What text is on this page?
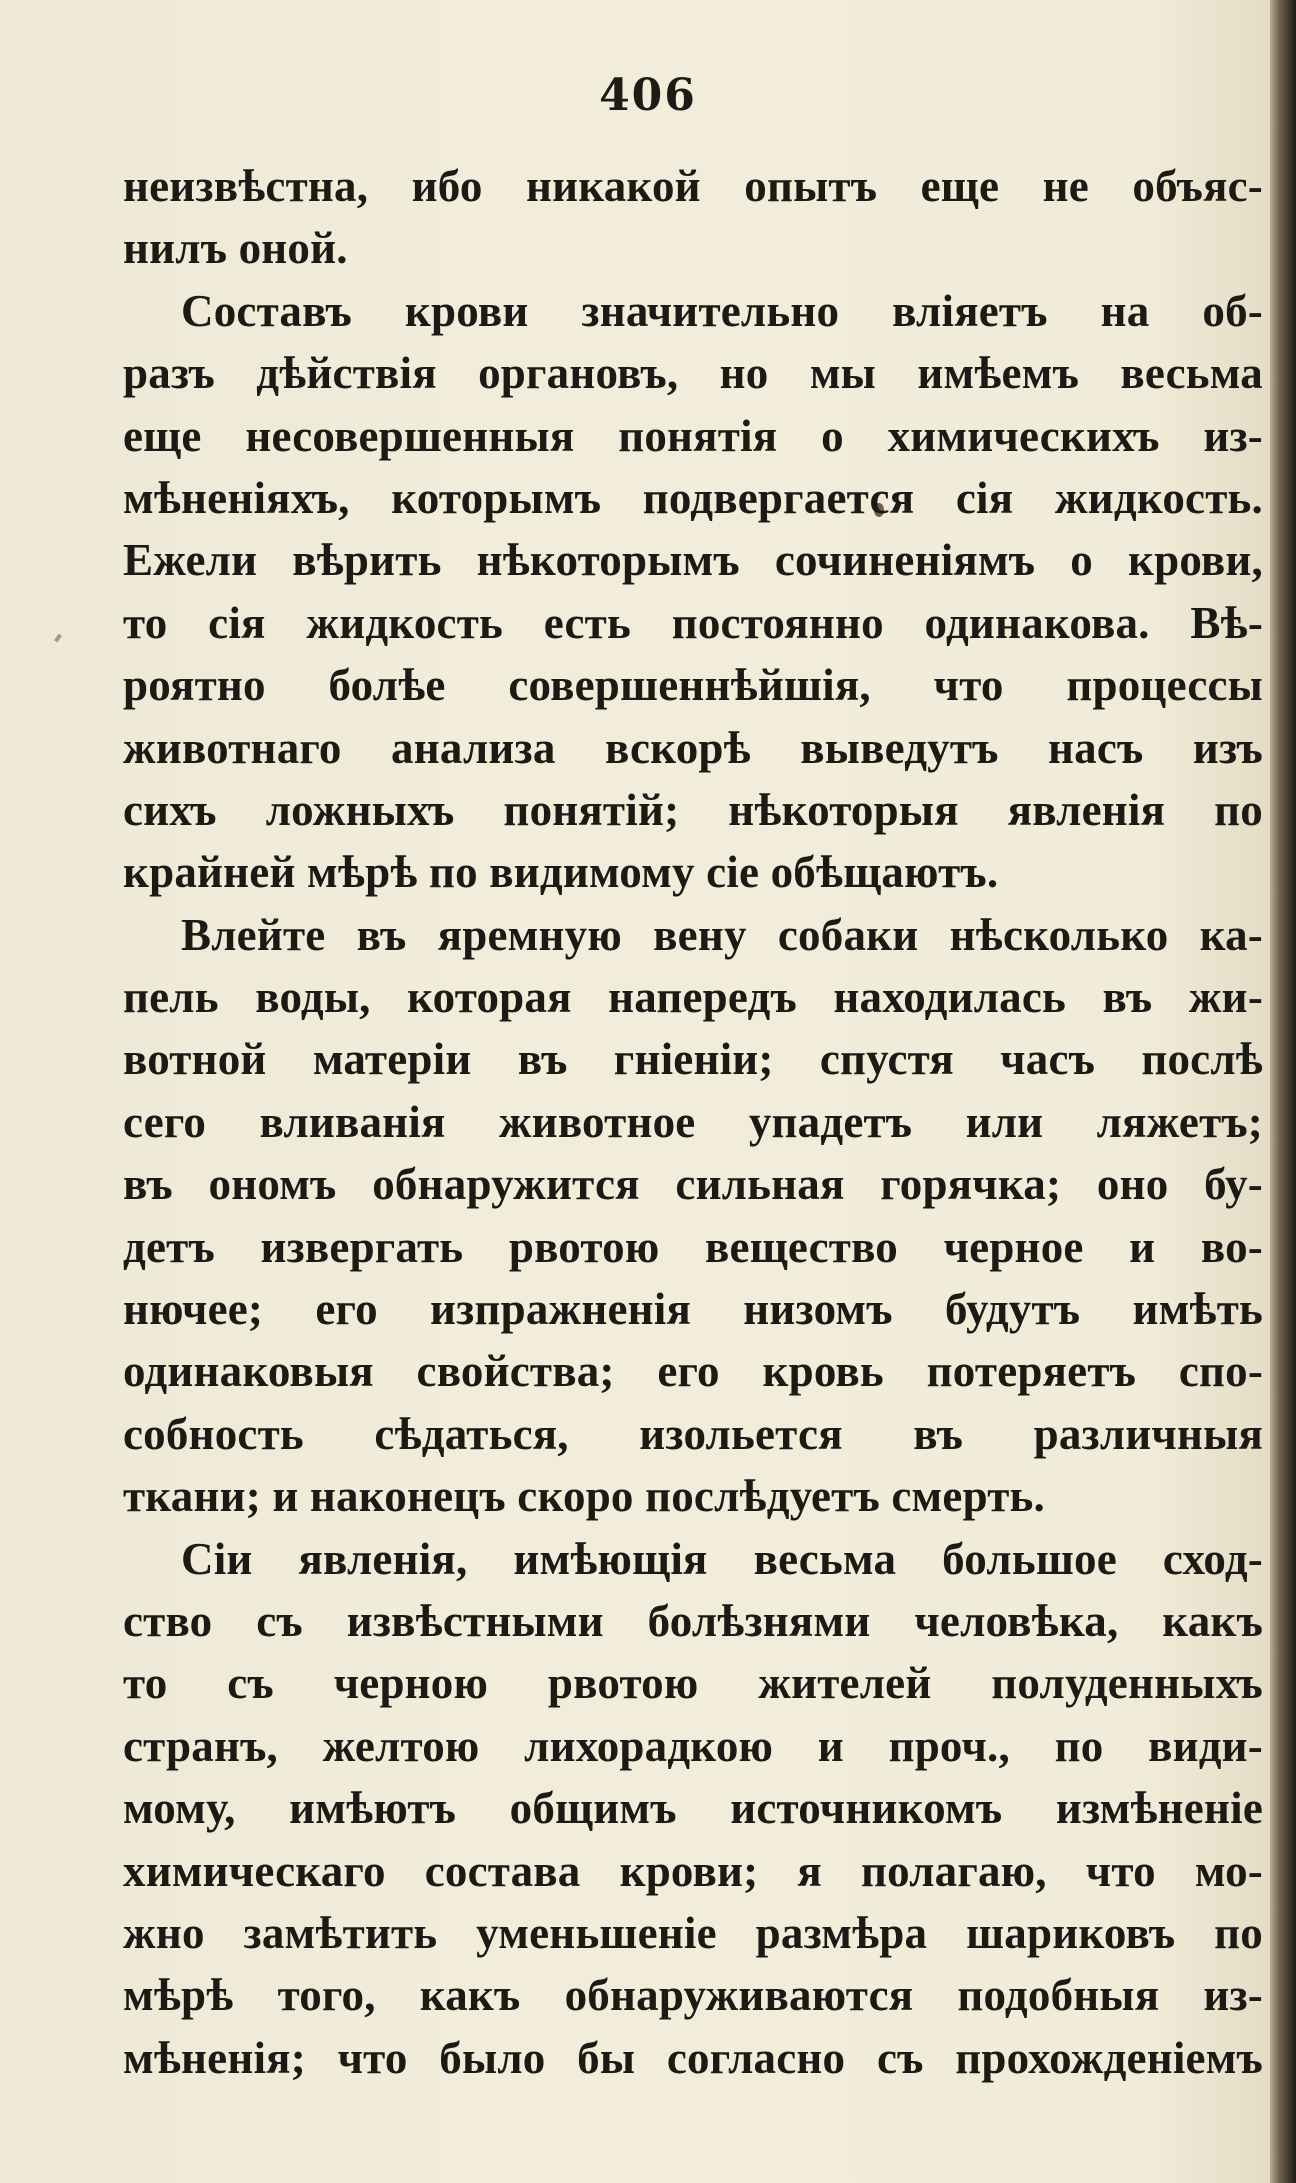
406
неизвѣстна, ибо никакой опытъ еще не объяс-
нилъ оной.
Составъ крови значительно вліяетъ на об-
разъ дѣйствія органовъ, но мы имѣемъ весьма
еще несовершенныя понятія о химическихъ из-
мѣненіяхъ, которымъ подвергается сія жидкость.
Ежели вѣрить нѣкоторымъ сочиненіямъ о крови,
то сія жидкость есть постоянно одинакова. Вѣ-
роятно болѣе совершеннѣйшія, что процессы
животнаго анализа вскорѣ выведутъ насъ изъ
сихъ ложныхъ понятій; нѣкоторыя явленія по
крайней мѣрѣ по видимому сіе обѣщаютъ.
Влейте въ яремную вену собаки нѣсколько ка-
пель воды, которая напередъ находилась въ жи-
вотной матеріи въ гніеніи; спустя часъ послѣ
сего вливанія животное упадетъ или ляжетъ;
въ ономъ обнаружится сильная горячка; оно бу-
детъ извергать рвотою вещество черное и во-
нючее; его изпражненія низомъ будутъ имѣть
одинаковыя свойства; его кровь потеряетъ спо-
собность сѣдаться, изольется въ различныя
ткани; и наконецъ скоро послѣдуетъ смерть.
Сіи явленія, имѣющія весьма большое сход-
ство съ извѣстными болѣзнями человѣка, какъ
то съ черною рвотою жителей полуденныхъ
странъ, желтою лихорадкою и проч., по види-
мому, имѣютъ общимъ источникомъ измѣненіе
химическаго состава крови; я полагаю, что мо-
жно замѣтить уменьшеніе размѣра шариковъ по
мѣрѣ того, какъ обнаруживаются подобныя из-
мѣненія; что было бы согласно съ прохожденіемъ
